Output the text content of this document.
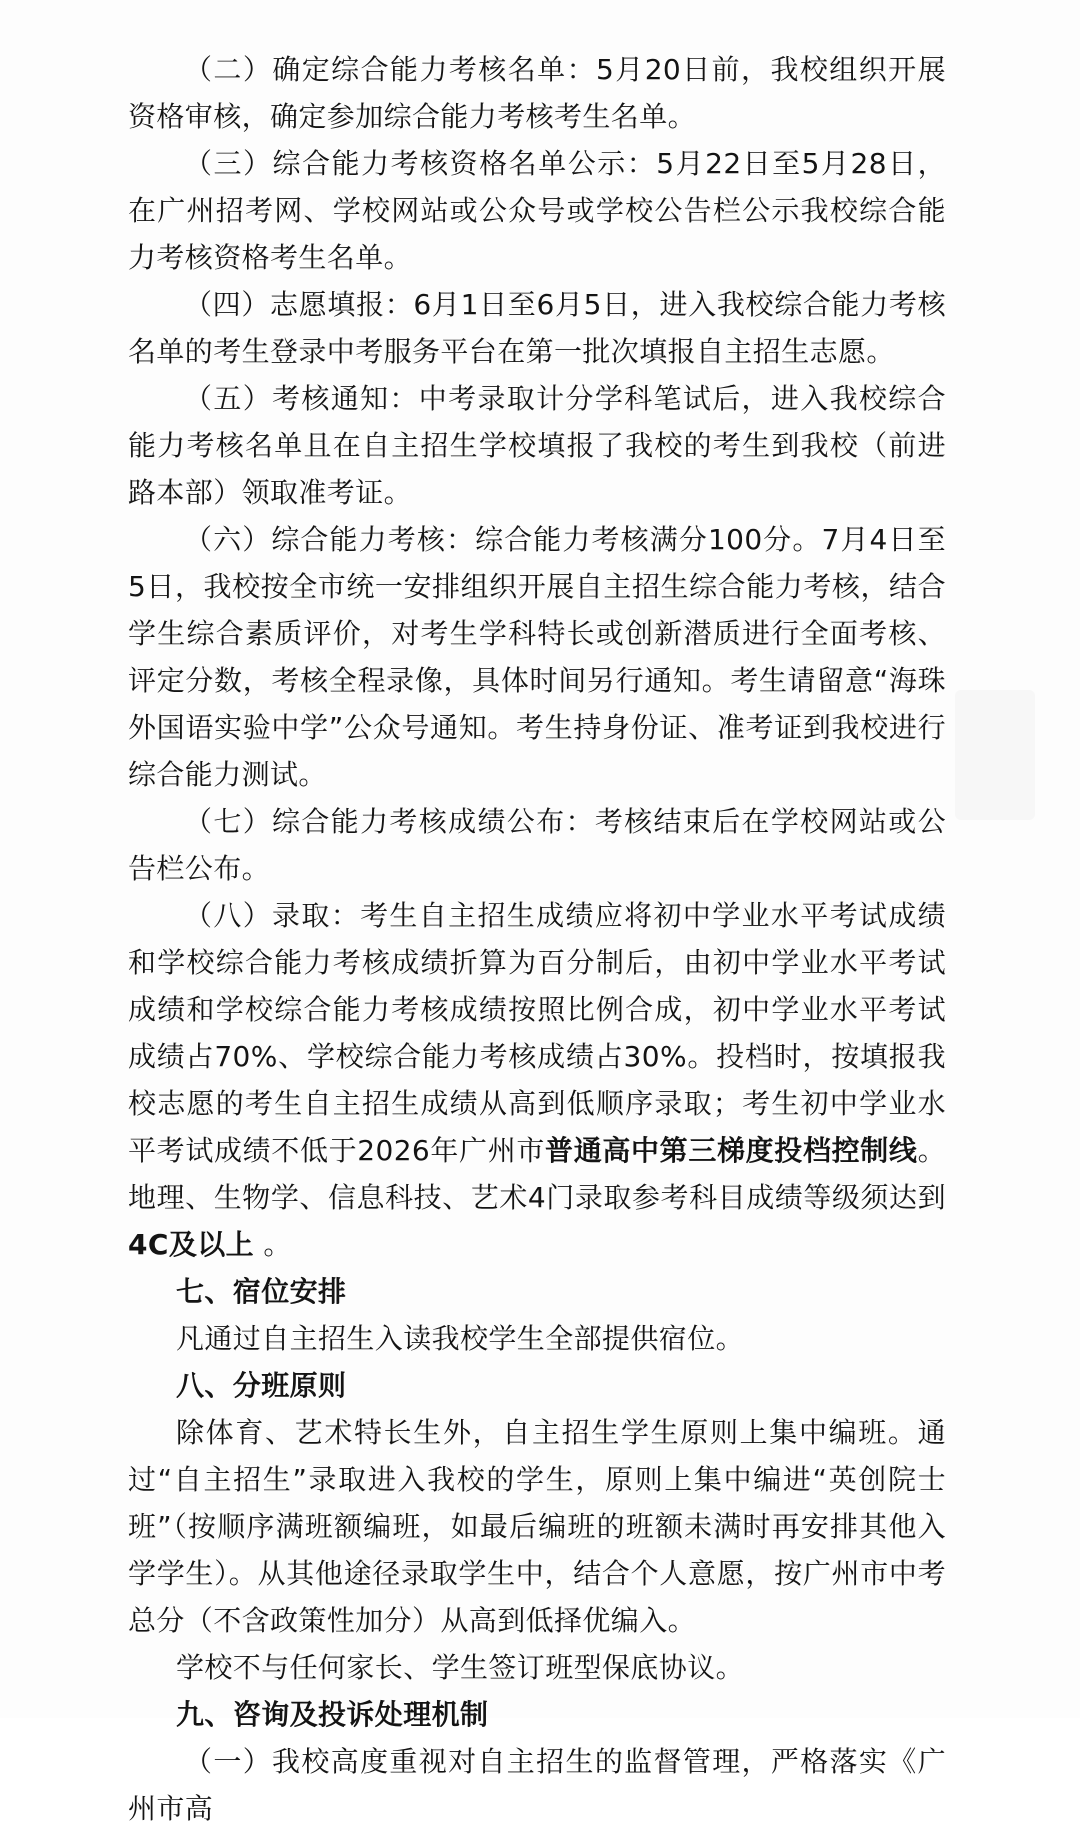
（二）确定综合能力考核名单：5月20日前，我校组织开展资格审核，确定参加综合能力考核考生名单。

（三）综合能力考核资格名单公示：5月22日至5月28日，在广州招考网、学校网站或公众号或学校公告栏公示我校综合能力考核资格考生名单。

（四）志愿填报：6月1日至6月5日，进入我校综合能力考核名单的考生登录中考服务平台在第一批次填报自主招生志愿。

（五）考核通知：中考录取计分学科笔试后，进入我校综合能力考核名单且在自主招生学校填报了我校的考生到我校（前进路本部）领取准考证。

（六）综合能力考核：综合能力考核满分100分。7月4日至5日，我校按全市统一安排组织开展自主招生综合能力考核，结合学生综合素质评价，对考生学科特长或创新潜质进行全面考核、评定分数，考核全程录像，具体时间另行通知。考生请留意“海珠外国语实验中学”公众号通知。考生持身份证、准考证到我校进行综合能力测试。

（七）综合能力考核成绩公布：考核结束后在学校网站或公告栏公布。

（八）录取：考生自主招生成绩应将初中学业水平考试成绩和学校综合能力考核成绩折算为百分制后，由初中学业水平考试成绩和学校综合能力考核成绩按照比例合成，初中学业水平考试成绩占70%、学校综合能力考核成绩占30%。投档时，按填报我校志愿的考生自主招生成绩从高到低顺序录取；考生初中学业水平考试成绩不低于2026年广州市普通高中第三梯度投档控制线。地理、生物学、信息科技、艺术4门录取参考科目成绩等级须达到 4C及以上 。

七、宿位安排

凡通过自主招生入读我校学生全部提供宿位。

八、分班原则

除体育、艺术特长生外，自主招生学生原则上集中编班。通过“自主招生”录取进入我校的学生，原则上集中编进“英创院士班”（按顺序满班额编班，如最后编班的班额未满时再安排其他入学学生）。从其他途径录取学生中，结合个人意愿，按广州市中考总分（不含政策性加分）从高到低择优编入。

学校不与任何家长、学生签订班型保底协议。

九、咨询及投诉处理机制

（一）我校高度重视对自主招生的监督管理，严格落实《广州市高
